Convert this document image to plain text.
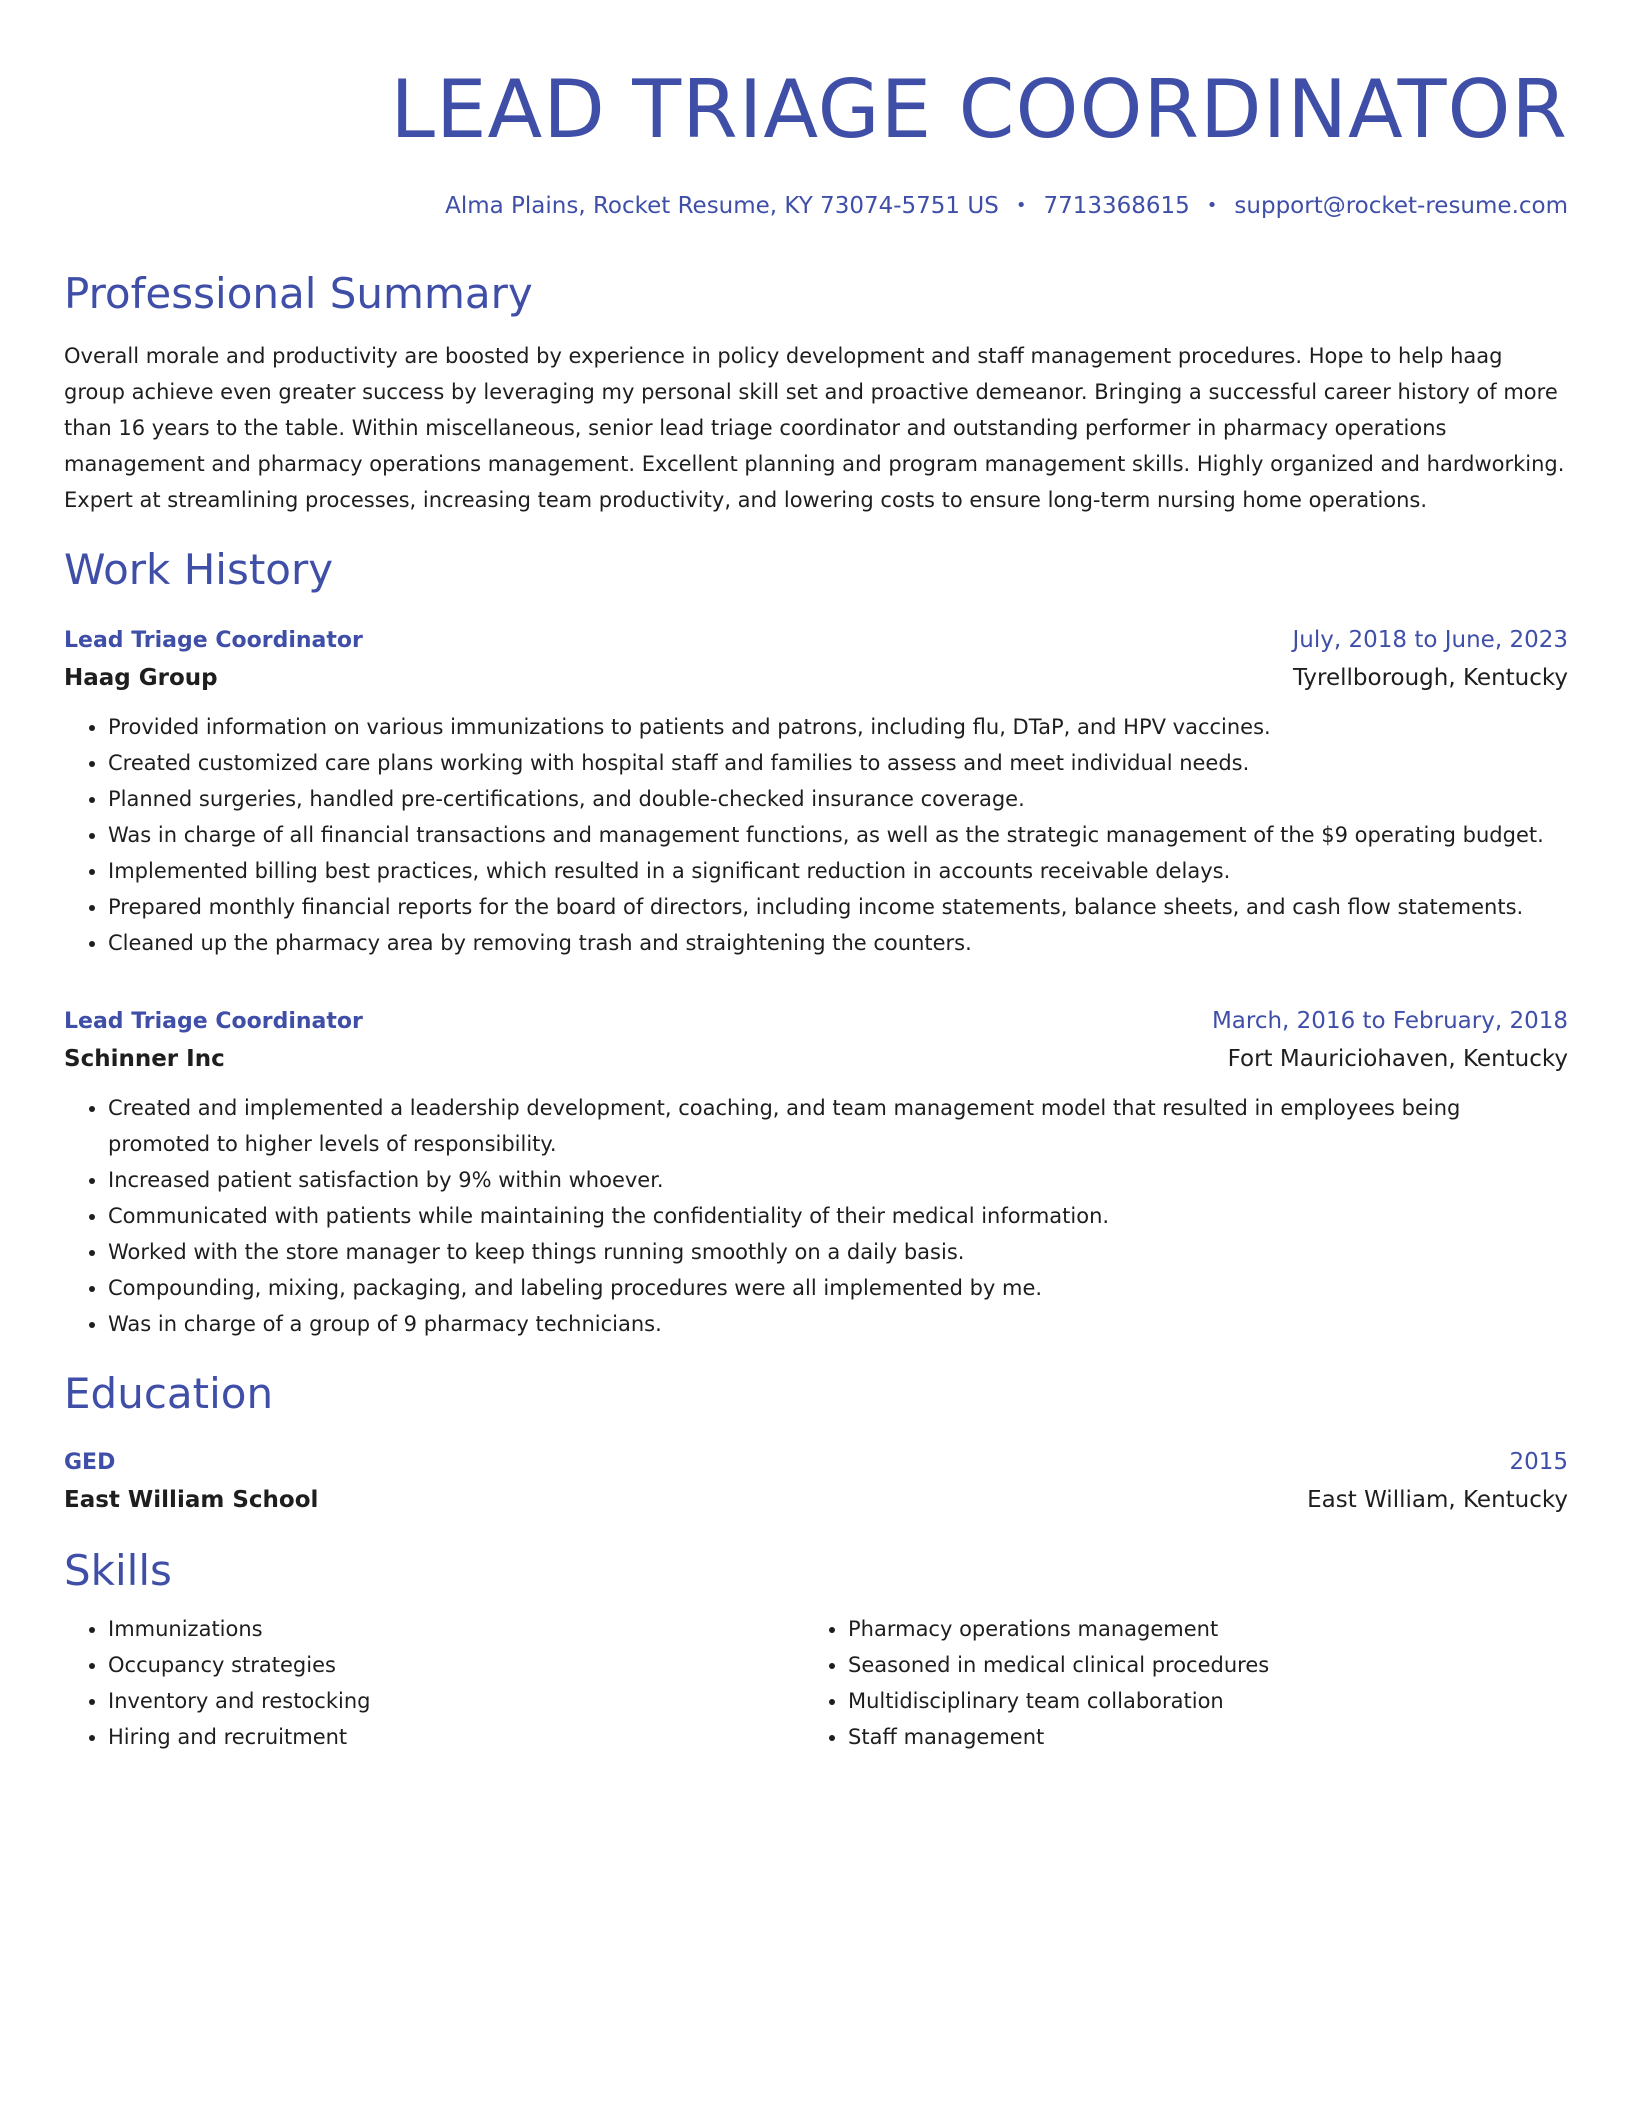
LEAD TRIAGE COORDINATOR
Alma Plains, Rocket Resume, KY 73074-5751 US • 7713368615 • support@rocket-resume.com
Professional Summary

Overall morale and productivity are boosted by experience in policy development and staff management procedures. Hope to help haag group achieve even greater success by leveraging my personal skill set and proactive demeanor. Bringing a successful career history of more than 16 years to the table. Within miscellaneous, senior lead triage coordinator and outstanding performer in pharmacy operations management and pharmacy operations management. Excellent planning and program management skills. Highly organized and hardworking. Expert at streamlining processes, increasing team productivity, and lowering costs to ensure long-term nursing home operations.

Work History
Lead Triage Coordinator	July, 2018 to June, 2023
Haag Group	Tyrellborough, Kentucky
• Provided information on various immunizations to patients and patrons, including flu, DTaP, and HPV vaccines.
• Created customized care plans working with hospital staff and families to assess and meet individual needs.
• Planned surgeries, handled pre-certifications, and double-checked insurance coverage.
• Was in charge of all financial transactions and management functions, as well as the strategic management of the $9 operating budget.
• Implemented billing best practices, which resulted in a significant reduction in accounts receivable delays.
• Prepared monthly financial reports for the board of directors, including income statements, balance sheets, and cash flow statements.
• Cleaned up the pharmacy area by removing trash and straightening the counters.
Lead Triage Coordinator	March, 2016 to February, 2018
Schinner Inc	Fort Mauriciohaven, Kentucky
• Created and implemented a leadership development, coaching, and team management model that resulted in employees being promoted to higher levels of responsibility.
• Increased patient satisfaction by 9% within whoever.
• Communicated with patients while maintaining the confidentiality of their medical information.
• Worked with the store manager to keep things running smoothly on a daily basis.
• Compounding, mixing, packaging, and labeling procedures were all implemented by me.
• Was in charge of a group of 9 pharmacy technicians.
Education
GED	2015
East William School	East William, Kentucky
Skills
• Immunizations
• Occupancy strategies
• Inventory and restocking
• Hiring and recruitment
• Pharmacy operations management
• Seasoned in medical clinical procedures
• Multidisciplinary team collaboration
• Staff management
